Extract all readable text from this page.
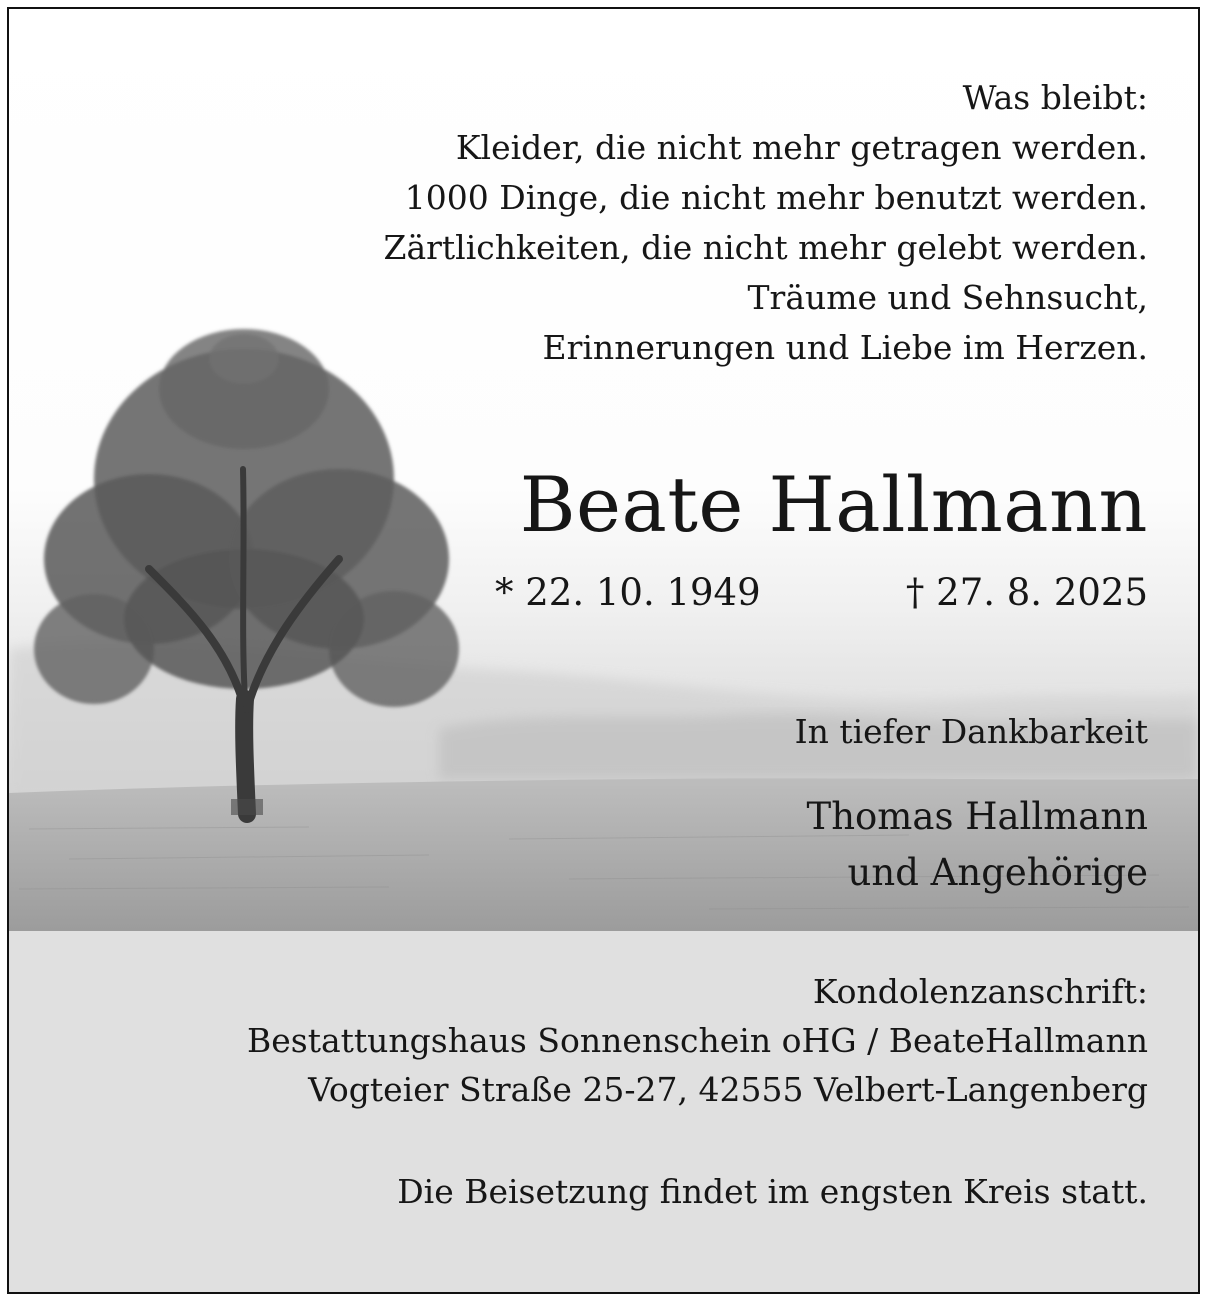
Was bleibt:
Kleider, die nicht mehr getragen werden.
1000 Dinge, die nicht mehr benutzt werden.
Zärtlichkeiten, die nicht mehr gelebt werden.
Träume und Sehnsucht,
Erinnerungen und Liebe im Herzen.
Beate Hallmann
* 22. 10. 1949	† 27. 8. 2025
In tiefer Dankbarkeit
Thomas Hallmann
und Angehörige
Kondolenzanschrift:
Bestattungshaus Sonnenschein oHG / BeateHallmann
Vogteier Straße 25-27, 42555 Velbert-Langenberg
Die Beisetzung findet im engsten Kreis statt.
